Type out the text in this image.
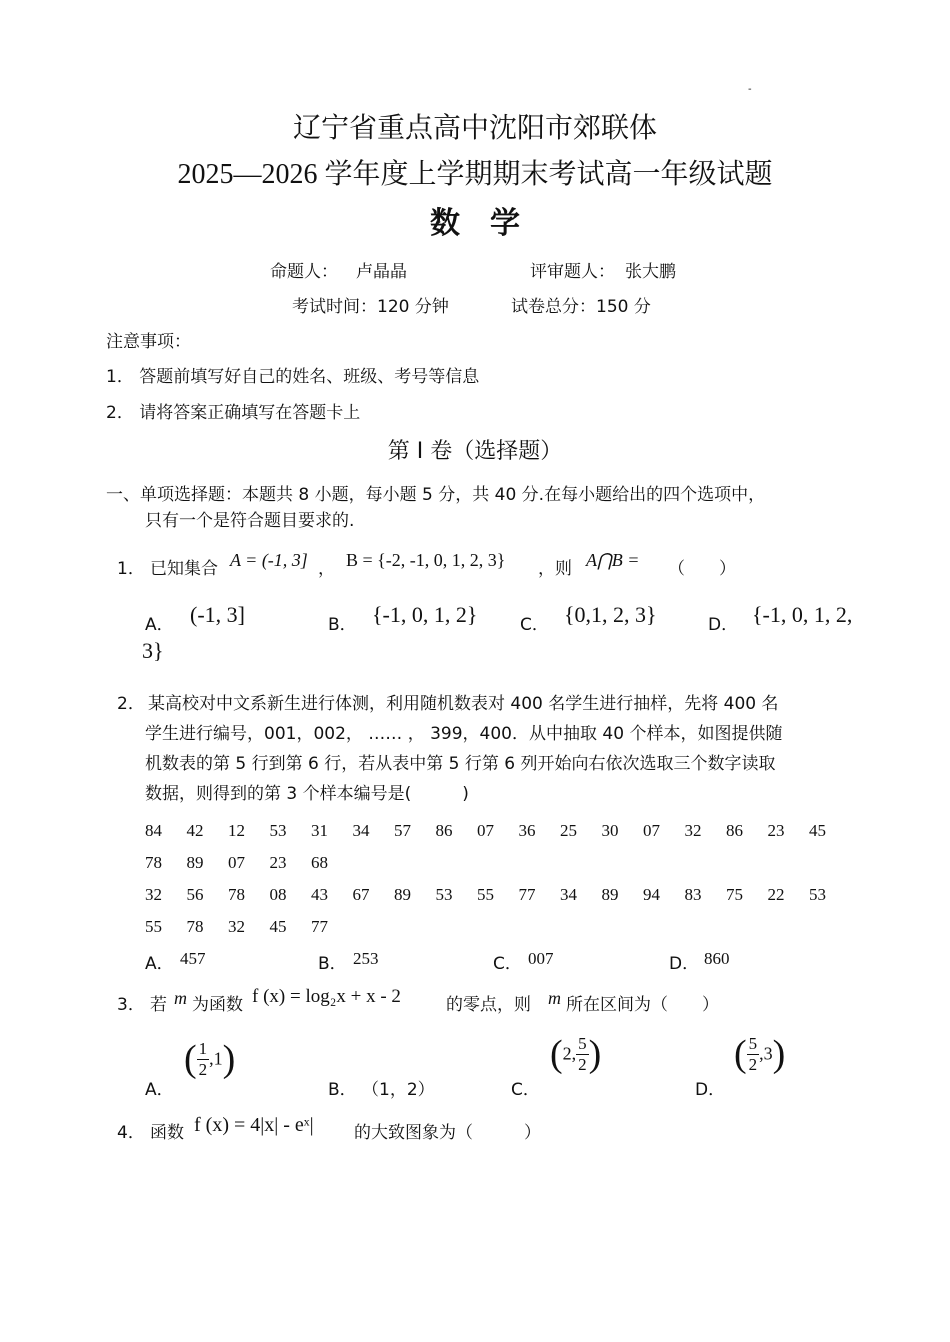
-
辽宁省重点高中沈阳市郊联体
2025—2026 学年度上学期期末考试高一年级试题
数学
命题人： 卢晶晶	评审题人： 张大鹏
考试时间：120 分钟	试卷总分：150 分
注意事项：
1． 答题前填写好自己的姓名、班级、考号等信息
2． 请将答案正确填写在答题卡上
第 I 卷（选择题）
一、单项选择题：本题共 8 小题，每小题 5 分，共 40 分.在每小题给出的四个选项中，
只有一个是符合题目要求的.
1． 已知集合 A = (-1, 3] ， B = {-2, -1, 0, 1, 2, 3} ，则 A⋂B = （　　）
A． (-1, 3]	B． {-1, 0, 1, 2}	C． {0,1, 2, 3}	D． {-1, 0, 1, 2,
3}
2． 某高校对中文系新生进行体测，利用随机数表对 400 名学生进行抽样，先将 400 名
学生进行编号，001，002， …… ， 399，400．从中抽取 40 个样本，如图提供随
机数表的第 5 行到第 6 行，若从表中第 5 行第 6 列开始向右依次选取三个数字读取
数据，则得到的第 3 个样本编号是(　　　)
84 42 12 53 31 34 57 86 07 36 25 30 07 32 86 23 45
78 89 07 23 68
32 56 78 08 43 67 89 53 55 77 34 89 94 83 75 22 53
55 78 32 45 77
A． 457	B． 253	C． 007	D． 860
3． 若 m 为函数 f (x) = log₂x + x - 2	的零点，则 m 所在区间为（　　）
A．
( $\frac{1}{2} ,1$)
B． （1，2）	C．
(2, $\frac{5}{2}$ )
D．
( $\frac{5}{2} ,3$)
4． 函数 f (x) = 4|x| - eˣ| 的大致图象为（　　　）
